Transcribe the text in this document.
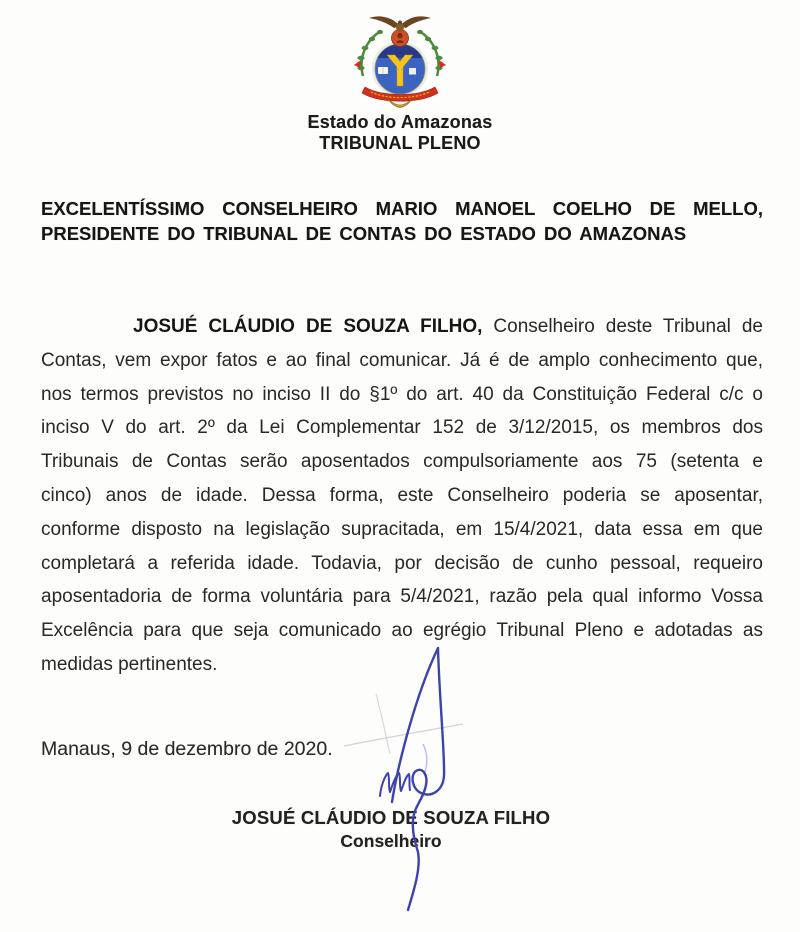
Estado do Amazonas
TRIBUNAL PLENO
EXCELENTÍSSIMO CONSELHEIRO MARIO MANOEL COELHO DE MELLO,
PRESIDENTE DO TRIBUNAL DE CONTAS DO ESTADO DO AMAZONAS
JOSUÉ CLÁUDIO DE SOUZA FILHO, Conselheiro deste Tribunal de
Contas, vem expor fatos e ao final comunicar. Já é de amplo conhecimento que,
nos termos previstos no inciso II do §1º do art. 40 da Constituição Federal c/c o
inciso V do art. 2º da Lei Complementar 152 de 3/12/2015, os membros dos
Tribunais de Contas serão aposentados compulsoriamente aos 75 (setenta e
cinco) anos de idade. Dessa forma, este Conselheiro poderia se aposentar,
conforme disposto na legislação supracitada, em 15/4/2021, data essa em que
completará a referida idade. Todavia, por decisão de cunho pessoal, requeiro
aposentadoria de forma voluntária para 5/4/2021, razão pela qual informo Vossa
Excelência para que seja comunicado ao egrégio Tribunal Pleno e adotadas as
medidas pertinentes.
Manaus, 9 de dezembro de 2020.
JOSUÉ CLÁUDIO DE SOUZA FILHO
Conselheiro
